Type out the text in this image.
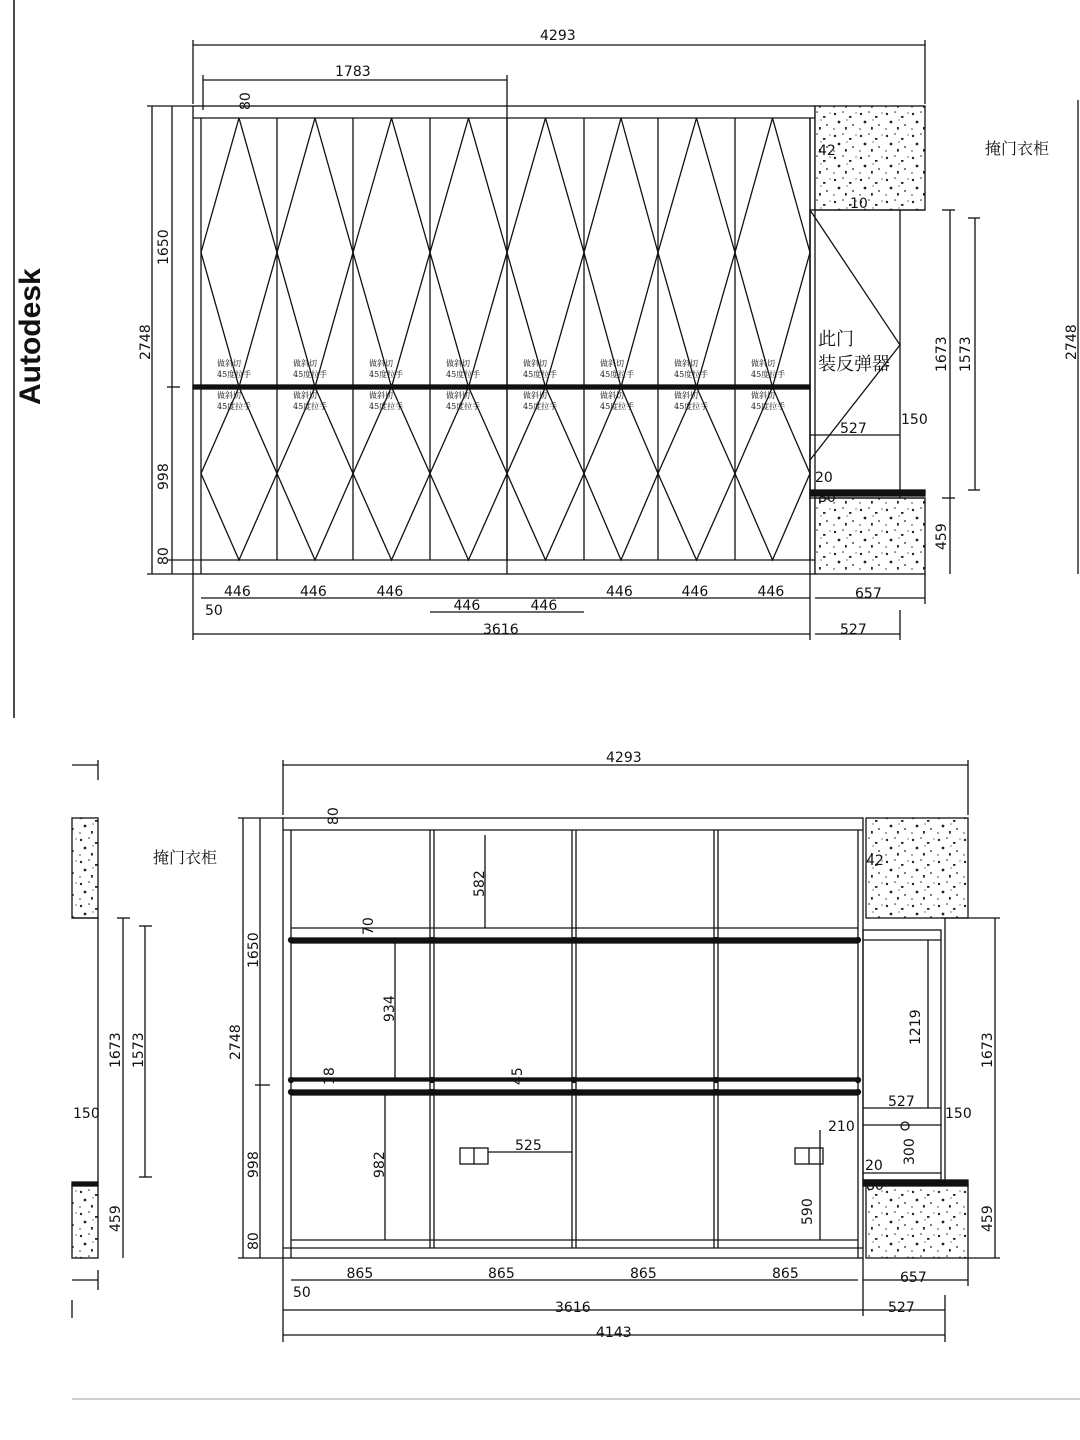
Autodesk	做斜切
45度拉手
做斜切
45度拉手
做斜切
45度拉手
做斜切
45度拉手
做斜切
45度拉手
做斜切
45度拉手
做斜切
45度拉手
做斜切
45度拉手
做斜切
45度拉手
做斜切
45度拉手
做斜切
45度拉手
做斜切
45度拉手
做斜切
45度拉手
做斜切
45度拉手
做斜切
45度拉手
做斜切
45度拉手
4293
1783
80
2748
1650
998
80
50
3616
657
527
527
150
42
10
20
80
1673 1573
459
2748
掩门衣柜
此门
装反弹器
4293
80
2748
1650
998
80
582
934
982
525
590
70
18	45
1219
527
210
300
150
20
80
42
1673
459
1673 1573
150
459
50
3616
657
527
4143
掩门衣柜
446	446	446
446	446
446	446	446
865	865	865	865
